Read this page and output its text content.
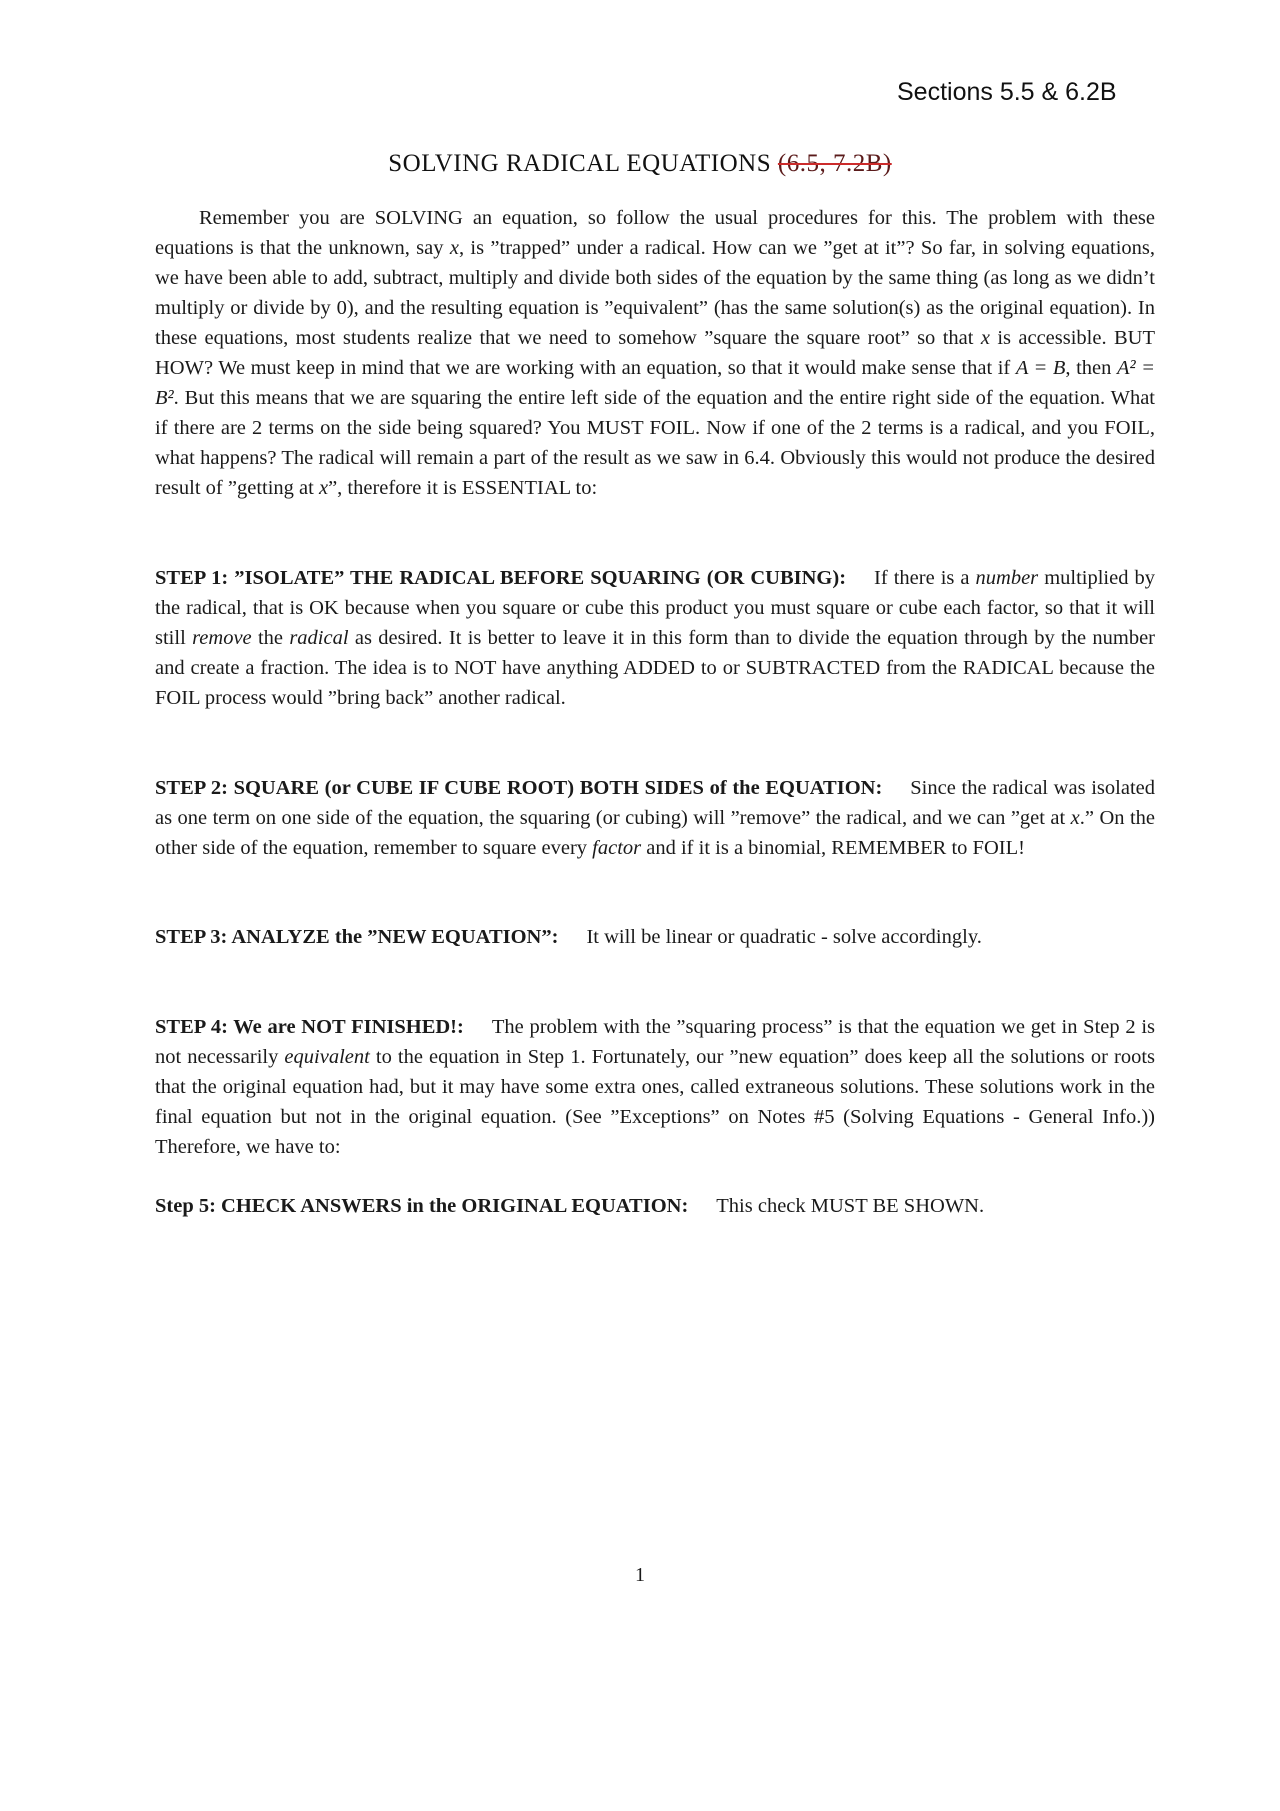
Sections 5.5 & 6.2B
SOLVING RADICAL EQUATIONS (6.5, 7.2B)
Remember you are SOLVING an equation, so follow the usual procedures for this. The problem with these equations is that the unknown, say x, is ”trapped” under a radical. How can we ”get at it”? So far, in solving equations, we have been able to add, subtract, multiply and divide both sides of the equation by the same thing (as long as we didn’t multiply or divide by 0), and the resulting equation is ”equivalent” (has the same solution(s) as the original equation). In these equations, most students realize that we need to somehow ”square the square root” so that x is accessible. BUT HOW? We must keep in mind that we are working with an equation, so that it would make sense that if A = B, then A² = B². But this means that we are squaring the entire left side of the equation and the entire right side of the equation. What if there are 2 terms on the side being squared? You MUST FOIL. Now if one of the 2 terms is a radical, and you FOIL, what happens? The radical will remain a part of the result as we saw in 6.4. Obviously this would not produce the desired result of ”getting at x”, therefore it is ESSENTIAL to:
STEP 1: ”ISOLATE” THE RADICAL BEFORE SQUARING (OR CUBING): If there is a number multiplied by the radical, that is OK because when you square or cube this product you must square or cube each factor, so that it will still remove the radical as desired. It is better to leave it in this form than to divide the equation through by the number and create a fraction. The idea is to NOT have anything ADDED to or SUBTRACTED from the RADICAL because the FOIL process would ”bring back” another radical.
STEP 2: SQUARE (or CUBE IF CUBE ROOT) BOTH SIDES of the EQUATION: Since the radical was isolated as one term on one side of the equation, the squaring (or cubing) will ”remove” the radical, and we can ”get at x.” On the other side of the equation, remember to square every factor and if it is a binomial, REMEMBER to FOIL!
STEP 3: ANALYZE the ”NEW EQUATION”: It will be linear or quadratic - solve accordingly.
STEP 4: We are NOT FINISHED!: The problem with the ”squaring process” is that the equation we get in Step 2 is not necessarily equivalent to the equation in Step 1. Fortunately, our ”new equation” does keep all the solutions or roots that the original equation had, but it may have some extra ones, called extraneous solutions. These solutions work in the final equation but not in the original equation. (See ”Exceptions” on Notes #5 (Solving Equations - General Info.)) Therefore, we have to:
Step 5: CHECK ANSWERS in the ORIGINAL EQUATION: This check MUST BE SHOWN.
1
